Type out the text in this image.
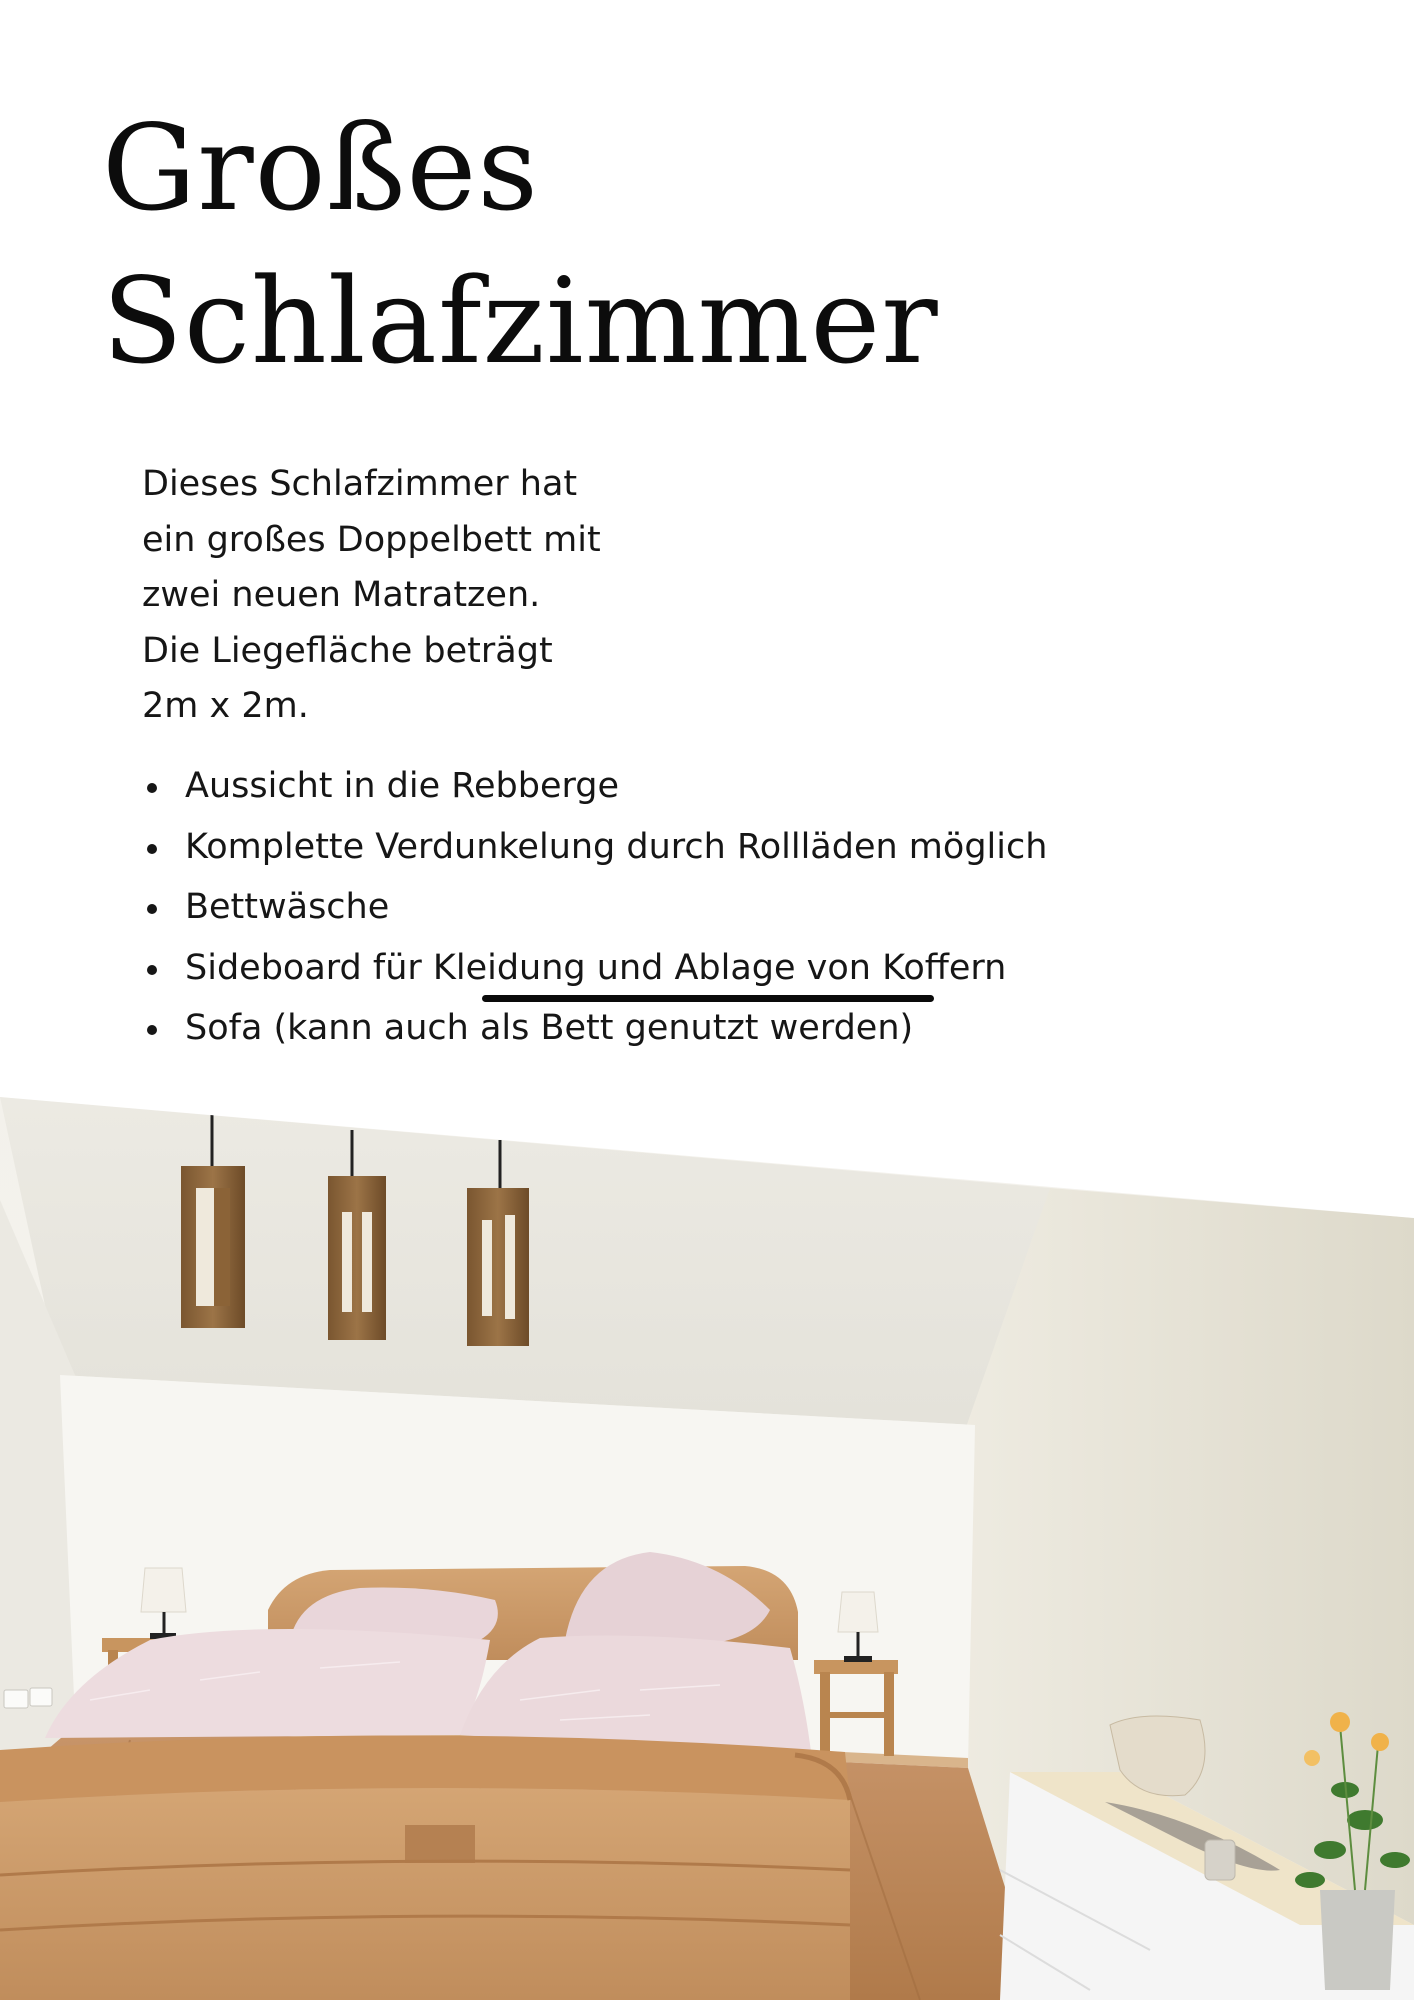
Großes
Schlafzimmer
Dieses Schlafzimmer hat
ein großes Doppelbett mit
zwei neuen Matratzen.
Die Liegefläche beträgt
2m x 2m.
Aussicht in die Rebberge
Komplette Verdunkelung durch Rollläden möglich
Bettwäsche
Sideboard für Kleidung und Ablage von Koffern
Sofa (kann auch als Bett genutzt werden)
